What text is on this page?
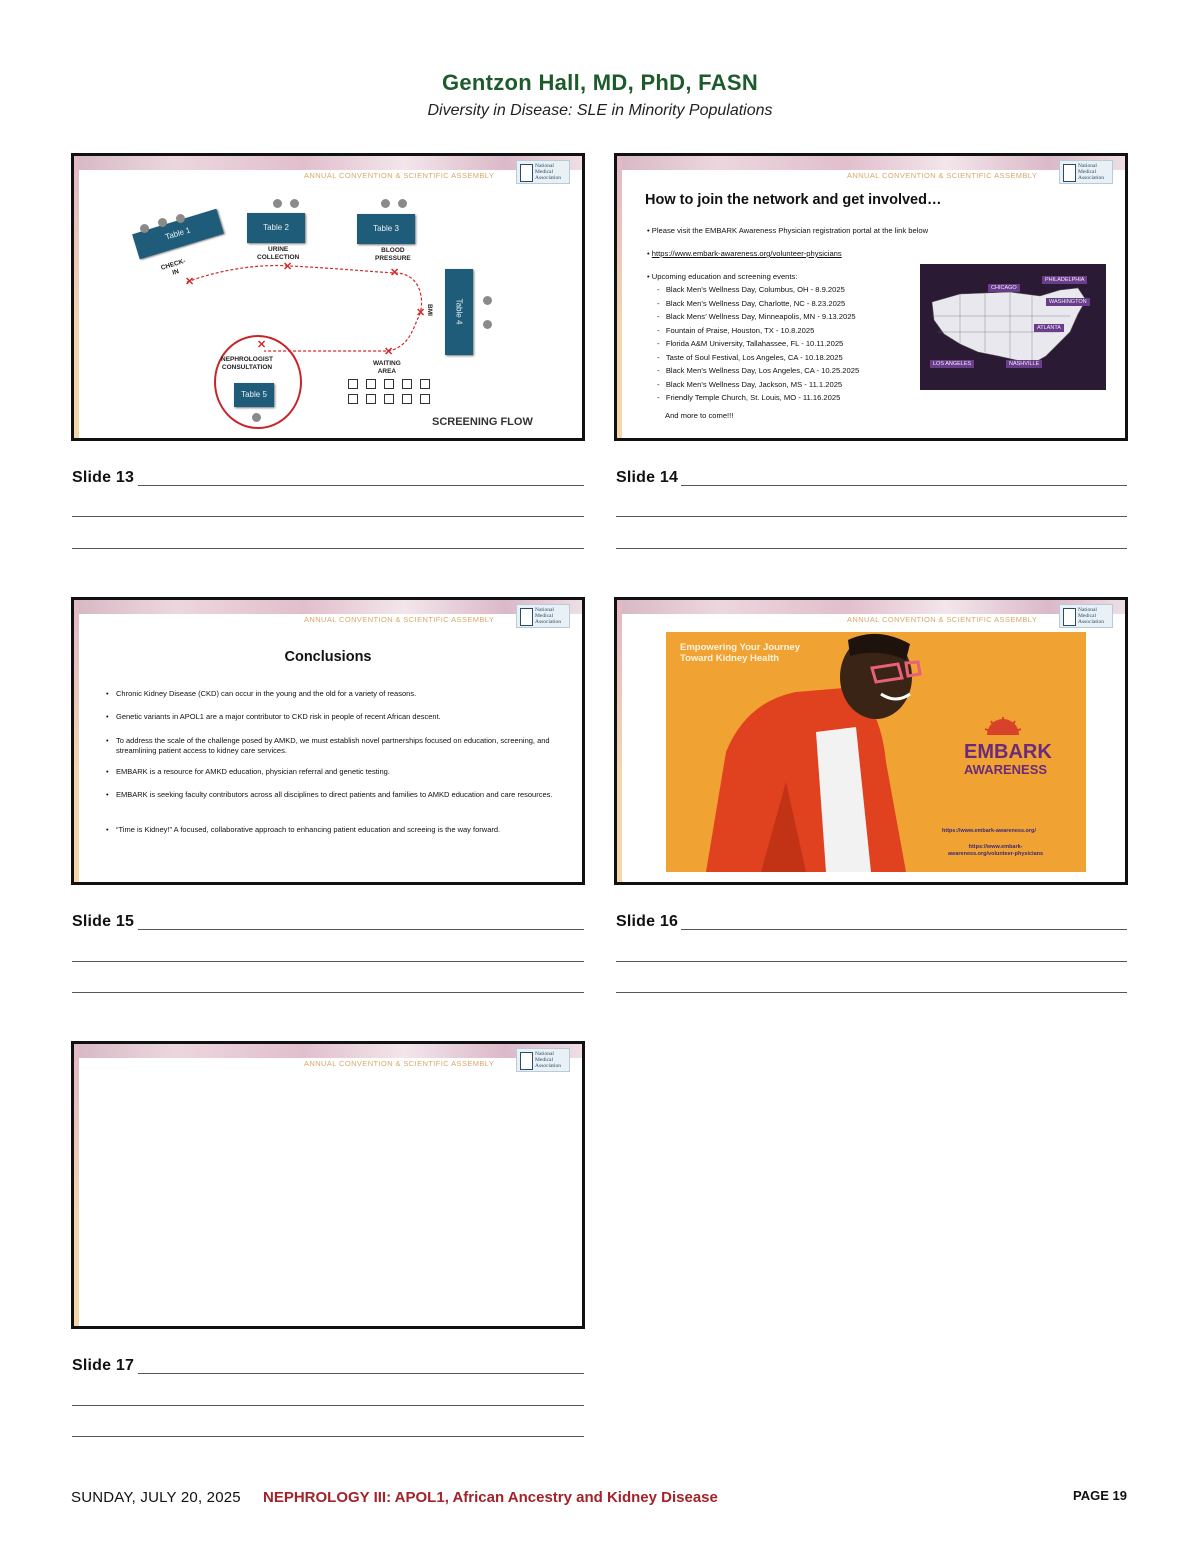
Gentzon Hall, MD, PhD, FASN
Diversity in Disease: SLE in Minority Populations
ANNUAL CONVENTION & SCIENTIFIC ASSEMBLY
National
Medical
Association
Table 1	Table 2	Table 3
Table 4
Table 5
CHECK-
IN
URINE
COLLECTION
BLOOD
PRESSURE
BMI
WAITING
AREA
NEPHROLOGIST
CONSULTATION
✕
✕	✕
✕
✕
✕
SCREENING FLOW
ANNUAL CONVENTION & SCIENTIFIC ASSEMBLY
National
Medical
Association
How to join the network and get involved…
• Please visit the EMBARK Awareness Physician registration portal at the link below
• https://www.embark-awareness.org/volunteer-physicians
• Upcoming education and screening events:
-   Black Men’s Wellness Day, Columbus, OH - 8.9.2025
-   Black Men’s Wellness Day, Charlotte, NC - 8.23.2025
-   Black Mens’ Wellness Day, Minneapolis, MN - 9.13.2025
-   Fountain of Praise, Houston, TX - 10.8.2025
-   Florida A&M University, Tallahassee, FL - 10.11.2025
-   Taste of Soul Festival, Los Angeles, CA - 10.18.2025
-   Black Men’s Wellness Day, Los Angeles, CA - 10.25.2025
-   Black Men’s Wellness Day, Jackson, MS - 11.1.2025
-   Friendly Temple Church, St. Louis, MO - 11.16.2025
And more to come!!!
CHICAGO
PHILADELPHIA
WASHINGTON
ATLANTA
LOS ANGELES	NASHVILLE
ANNUAL CONVENTION & SCIENTIFIC ASSEMBLY
National
Medical
Association
Conclusions
• Chronic Kidney Disease (CKD) can occur in the young and the old for a variety of reasons.
• Genetic variants in APOL1 are a major contributor to CKD risk in people of recent African descent.
• To address the scale of the challenge posed by AMKD, we must establish novel partnerships focused on education, screening, and streamlining patient access to kidney care services.
• EMBARK is a resource for AMKD education, physician referral and genetic testing.
• EMBARK is seeking faculty contributors across all disciplines to direct patients and families to AMKD education and care resources.
• “Time is Kidney!” A focused, collaborative approach to enhancing patient education and screeing is the way forward.
ANNUAL CONVENTION & SCIENTIFIC ASSEMBLY
National
Medical
Association
Empowering Your Journey
Toward Kidney Health
EMBARK
AWARENESS
https://www.embark-awareness.org/
https://www.embark-
awareness.org/volunteer-physicians
ANNUAL CONVENTION & SCIENTIFIC ASSEMBLY
National
Medical
Association
Slide 13	Slide 14
Slide 15	Slide 16
Slide 17
SUNDAY, JULY 20, 2025 NEPHROLOGY III: APOL1, African Ancestry and Kidney Disease	PAGE 19
